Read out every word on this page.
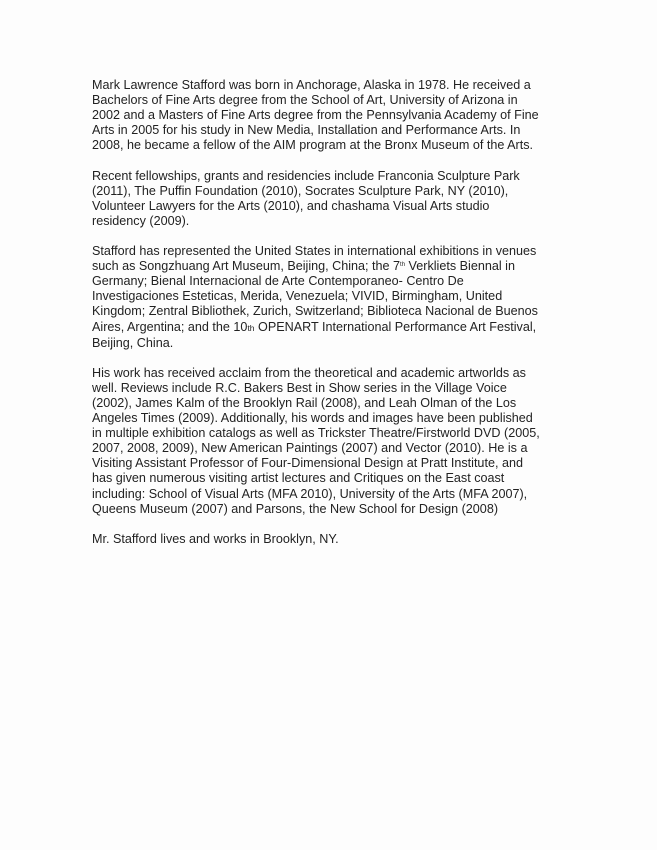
Mark Lawrence Stafford was born in Anchorage, Alaska in 1978. He received a
Bachelors of Fine Arts degree from the School of Art, University of Arizona in
2002 and a Masters of Fine Arts degree from the Pennsylvania Academy of Fine
Arts in 2005 for his study in New Media, Installation and Performance Arts. In
2008, he became a fellow of the AIM program at the Bronx Museum of the Arts.

Recent fellowships, grants and residencies include Franconia Sculpture Park
(2011), The Puffin Foundation (2010), Socrates Sculpture Park, NY (2010),
Volunteer Lawyers for the Arts (2010), and chashama Visual Arts studio
residency (2009).

Stafford has represented the United States in international exhibitions in venues
such as Songzhuang Art Museum, Beijing, China; the 7th Verkliets Biennal in
Germany; Bienal Internacional de Arte Contemporaneo- Centro De
Investigaciones Esteticas, Merida, Venezuela; VIVID, Birmingham, United
Kingdom; Zentral Bibliothek, Zurich, Switzerland; Biblioteca Nacional de Buenos
Aires, Argentina; and the 10th OPENART International Performance Art Festival,
Beijing, China.

His work has received acclaim from the theoretical and academic artworlds as
well. Reviews include R.C. Bakers Best in Show series in the Village Voice
(2002), James Kalm of the Brooklyn Rail (2008), and Leah Olman of the Los
Angeles Times (2009). Additionally, his words and images have been published
in multiple exhibition catalogs as well as Trickster Theatre/Firstworld DVD (2005,
2007, 2008, 2009), New American Paintings (2007) and Vector (2010). He is a
Visiting Assistant Professor of Four-Dimensional Design at Pratt Institute, and
has given numerous visiting artist lectures and Critiques on the East coast
including: School of Visual Arts (MFA 2010), University of the Arts (MFA 2007),
Queens Museum (2007) and Parsons, the New School for Design (2008)

Mr. Stafford lives and works in Brooklyn, NY.
